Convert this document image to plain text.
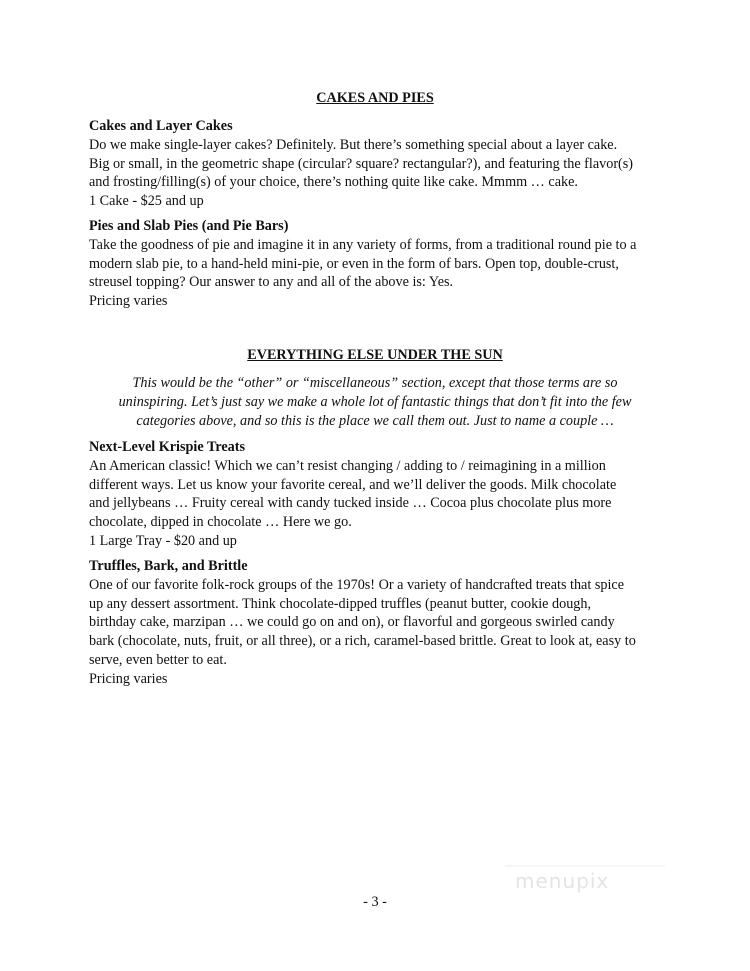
CAKES AND PIES

Cakes and Layer Cakes

Do we make single-layer cakes? Definitely. But there’s something special about a layer cake.
Big or small, in the geometric shape (circular? square? rectangular?), and featuring the flavor(s)
and frosting/filling(s) of your choice, there’s nothing quite like cake. Mmmm … cake.

1 Cake - $25 and up

Pies and Slab Pies (and Pie Bars)

Take the goodness of pie and imagine it in any variety of forms, from a traditional round pie to a
modern slab pie, to a hand-held mini-pie, or even in the form of bars. Open top, double-crust,
streusel topping? Our answer to any and all of the above is: Yes.

Pricing varies

EVERYTHING ELSE UNDER THE SUN

This would be the “other” or “miscellaneous” section, except that those terms are so
uninspiring. Let’s just say we make a whole lot of fantastic things that don’t fit into the few
categories above, and so this is the place we call them out. Just to name a couple …

Next-Level Krispie Treats

An American classic! Which we can’t resist changing / adding to / reimagining in a million
different ways. Let us know your favorite cereal, and we’ll deliver the goods. Milk chocolate
and jellybeans … Fruity cereal with candy tucked inside … Cocoa plus chocolate plus more
chocolate, dipped in chocolate … Here we go.

1 Large Tray - $20 and up

Truffles, Bark, and Brittle

One of our favorite folk-rock groups of the 1970s! Or a variety of handcrafted treats that spice
up any dessert assortment. Think chocolate-dipped truffles (peanut butter, cookie dough,
birthday cake, marzipan … we could go on and on), or flavorful and gorgeous swirled candy
bark (chocolate, nuts, fruit, or all three), or a rich, caramel-based brittle. Great to look at, easy to
serve, even better to eat.

Pricing varies

- 3 -

menupix
